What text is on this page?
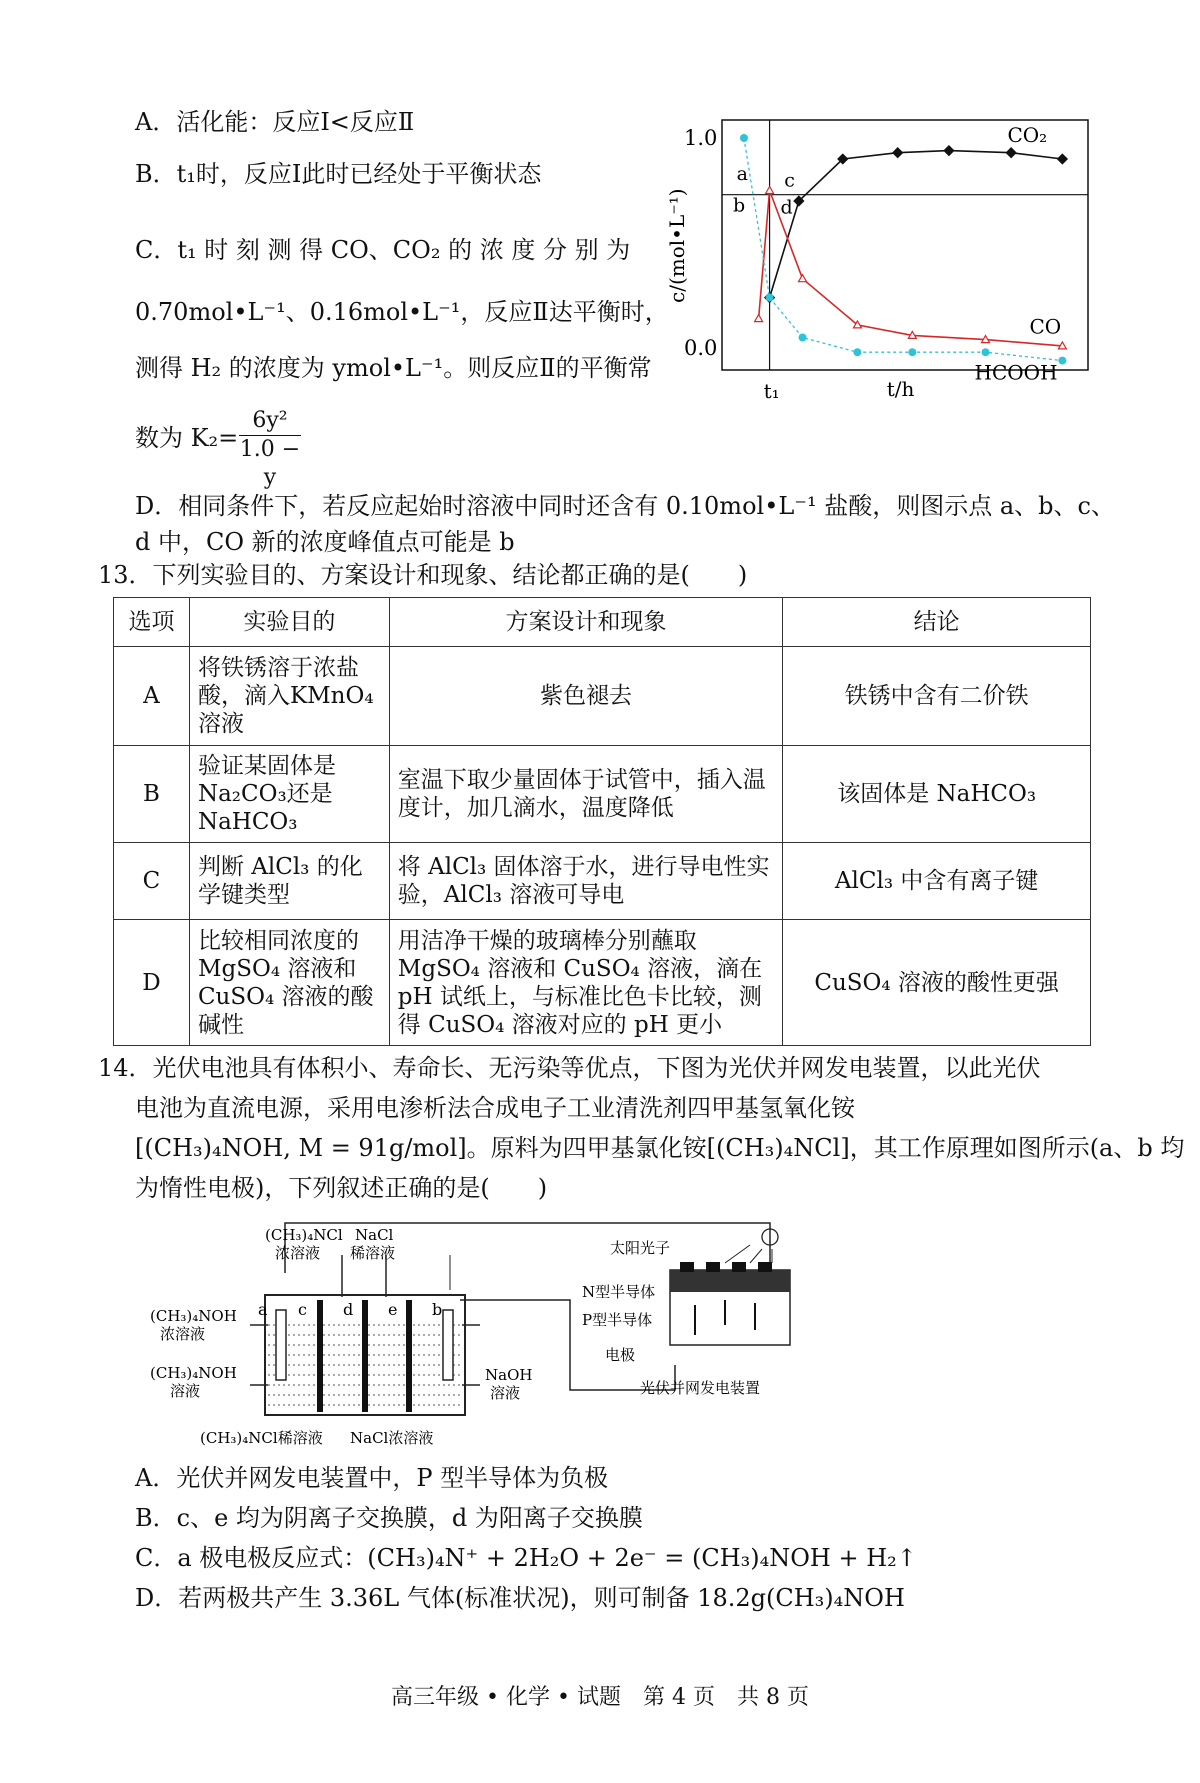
A．活化能：反应Ⅰ<反应Ⅱ
B．t₁时，反应Ⅰ此时已经处于平衡状态
C．t₁ 时 刻 测 得 CO、CO₂ 的 浓 度 分 别 为
0.70mol•L⁻¹、0.16mol•L⁻¹，反应Ⅱ达平衡时，
测得 H₂ 的浓度为 ymol•L⁻¹。则反应Ⅱ的平衡常
数为 K₂=
6y²
1.0 − y
D．相同条件下，若反应起始时溶液中同时还含有 0.10mol•L⁻¹ 盐酸，则图示点 a、b、c、
d 中，CO 新的浓度峰值点可能是 b
1.0
0.0
t₁	t/h
c/(mol•L⁻¹)
CO₂
CO
HCOOH
a
b
c
d
13．下列实验目的、方案设计和现象、结论都正确的是(　　)
选项	实验目的	方案设计和现象	结论
A	将铁锈溶于浓盐酸，滴入KMnO₄溶液	紫色褪去	铁锈中含有二价铁
B	验证某固体是Na₂CO₃还是NaHCO₃	室温下取少量固体于试管中，插入温度计，加几滴水，温度降低	该固体是 NaHCO₃
C	判断 AlCl₃ 的化学键类型	将 AlCl₃ 固体溶于水，进行导电性实验，AlCl₃ 溶液可导电	AlCl₃ 中含有离子键
D	比较相同浓度的 MgSO₄ 溶液和 CuSO₄ 溶液的酸碱性	用洁净干燥的玻璃棒分别蘸取 MgSO₄ 溶液和 CuSO₄ 溶液，滴在 pH 试纸上，与标准比色卡比较，测得 CuSO₄ 溶液对应的 pH 更小	CuSO₄ 溶液的酸性更强
14．光伏电池具有体积小、寿命长、无污染等优点，下图为光伏并网发电装置，以此光伏
电池为直流电源，采用电渗析法合成电子工业清洗剂四甲基氢氧化铵
[(CH₃)₄NOH, M = 91g/mol]。原料为四甲基氯化铵[(CH₃)₄NCl]，其工作原理如图所示(a、b 均
为惰性电极)，下列叙述正确的是(　　)
a c d e b
(CH₃)₄NCl
浓溶液
NaCl
稀溶液
(CH₃)₄NOH
浓溶液
(CH₃)₄NOH
溶液
NaOH
溶液
(CH₃)₄NCl稀溶液 NaCl浓溶液
太阳光子
N型半导体
P型半导体
电极
光伏并网发电装置
A．光伏并网发电装置中，P 型半导体为负极
B．c、e 均为阴离子交换膜，d 为阳离子交换膜
C．a 极电极反应式：(CH₃)₄N⁺ + 2H₂O + 2e⁻ = (CH₃)₄NOH + H₂↑
D．若两极共产生 3.36L 气体(标准状况)，则可制备 18.2g(CH₃)₄NOH
高三年级 • 化学 • 试题　第 4 页　共 8 页
